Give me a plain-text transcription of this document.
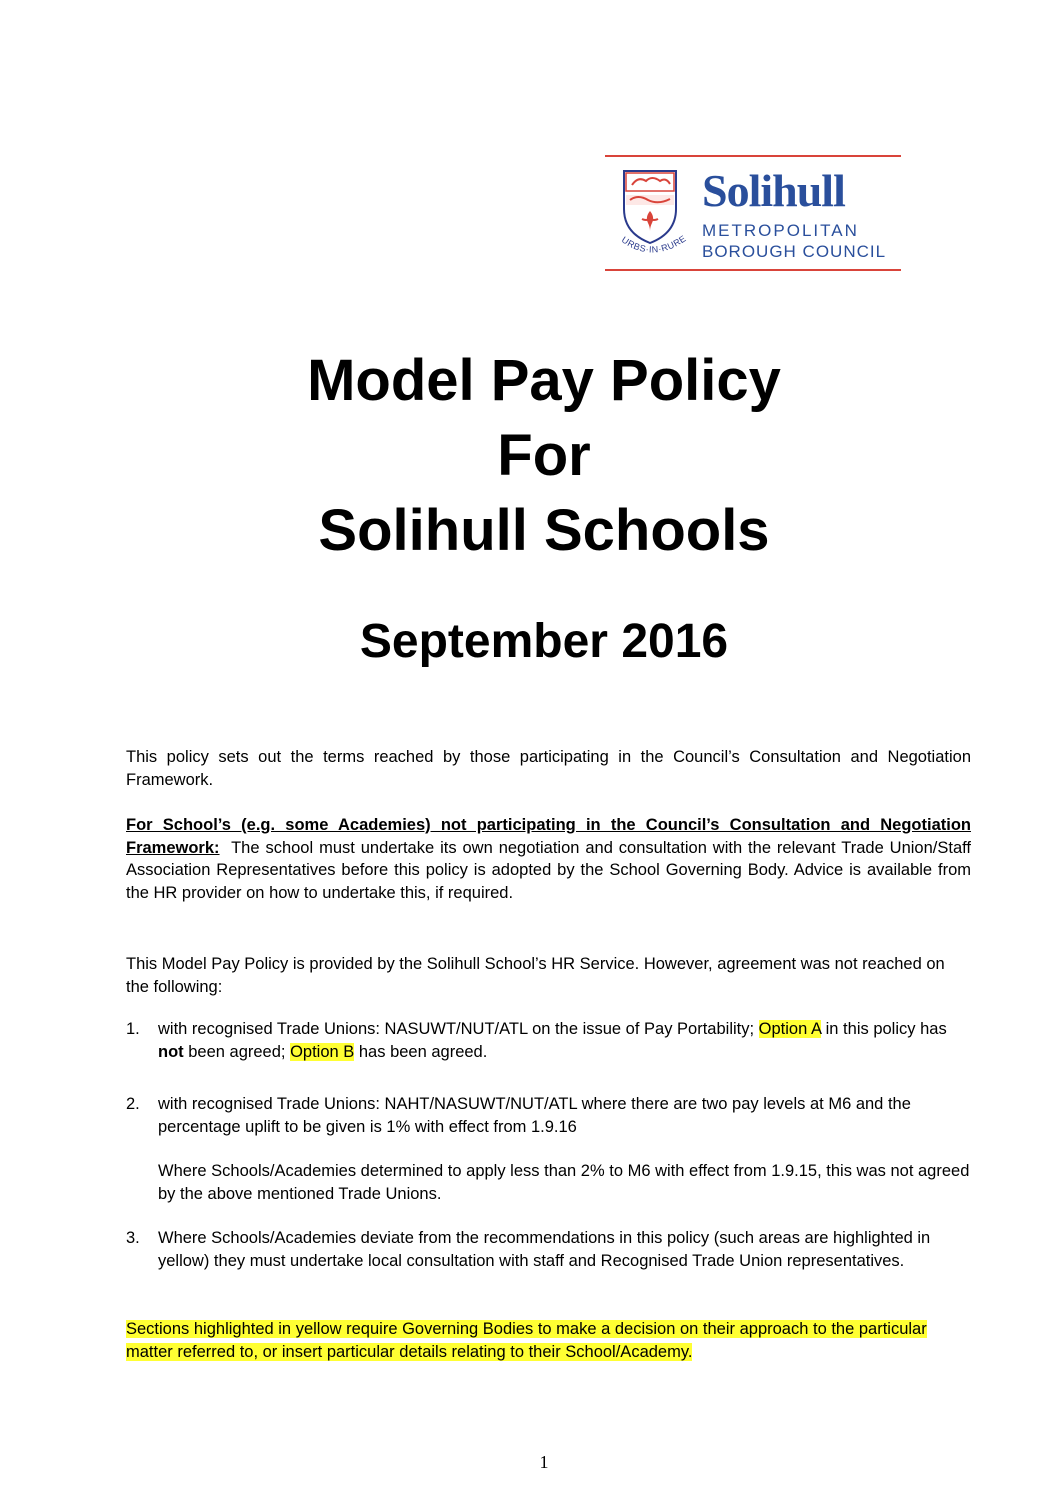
URBS·IN·RURE
Solihull
METROPOLITAN
BOROUGH COUNCIL
Model Pay Policy
For
Solihull Schools
September 2016
This policy sets out the terms reached by those participating in the Council’s Consultation and Negotiation Framework.
For School’s (e.g. some Academies) not participating in the Council’s Consultation and Negotiation Framework: The school must undertake its own negotiation and consultation with the relevant Trade Union/Staff Association Representatives before this policy is adopted by the School Governing Body. Advice is available from the HR provider on how to undertake this, if required.
This Model Pay Policy is provided by the Solihull School’s HR Service. However, agreement was not reached on the following:
1. with recognised Trade Unions: NASUWT/NUT/ATL on the issue of Pay Portability; Option A in this policy has not been agreed; Option B has been agreed.
2. with recognised Trade Unions: NAHT/NASUWT/NUT/ATL where there are two pay levels at M6 and the percentage uplift to be given is 1% with effect from 1.9.16
Where Schools/Academies determined to apply less than 2% to M6 with effect from 1.9.15, this was not agreed by the above mentioned Trade Unions.
3. Where Schools/Academies deviate from the recommendations in this policy (such areas are highlighted in yellow) they must undertake local consultation with staff and Recognised Trade Union representatives.
Sections highlighted in yellow require Governing Bodies to make a decision on their approach to the particular matter referred to, or insert particular details relating to their School/Academy.
1
